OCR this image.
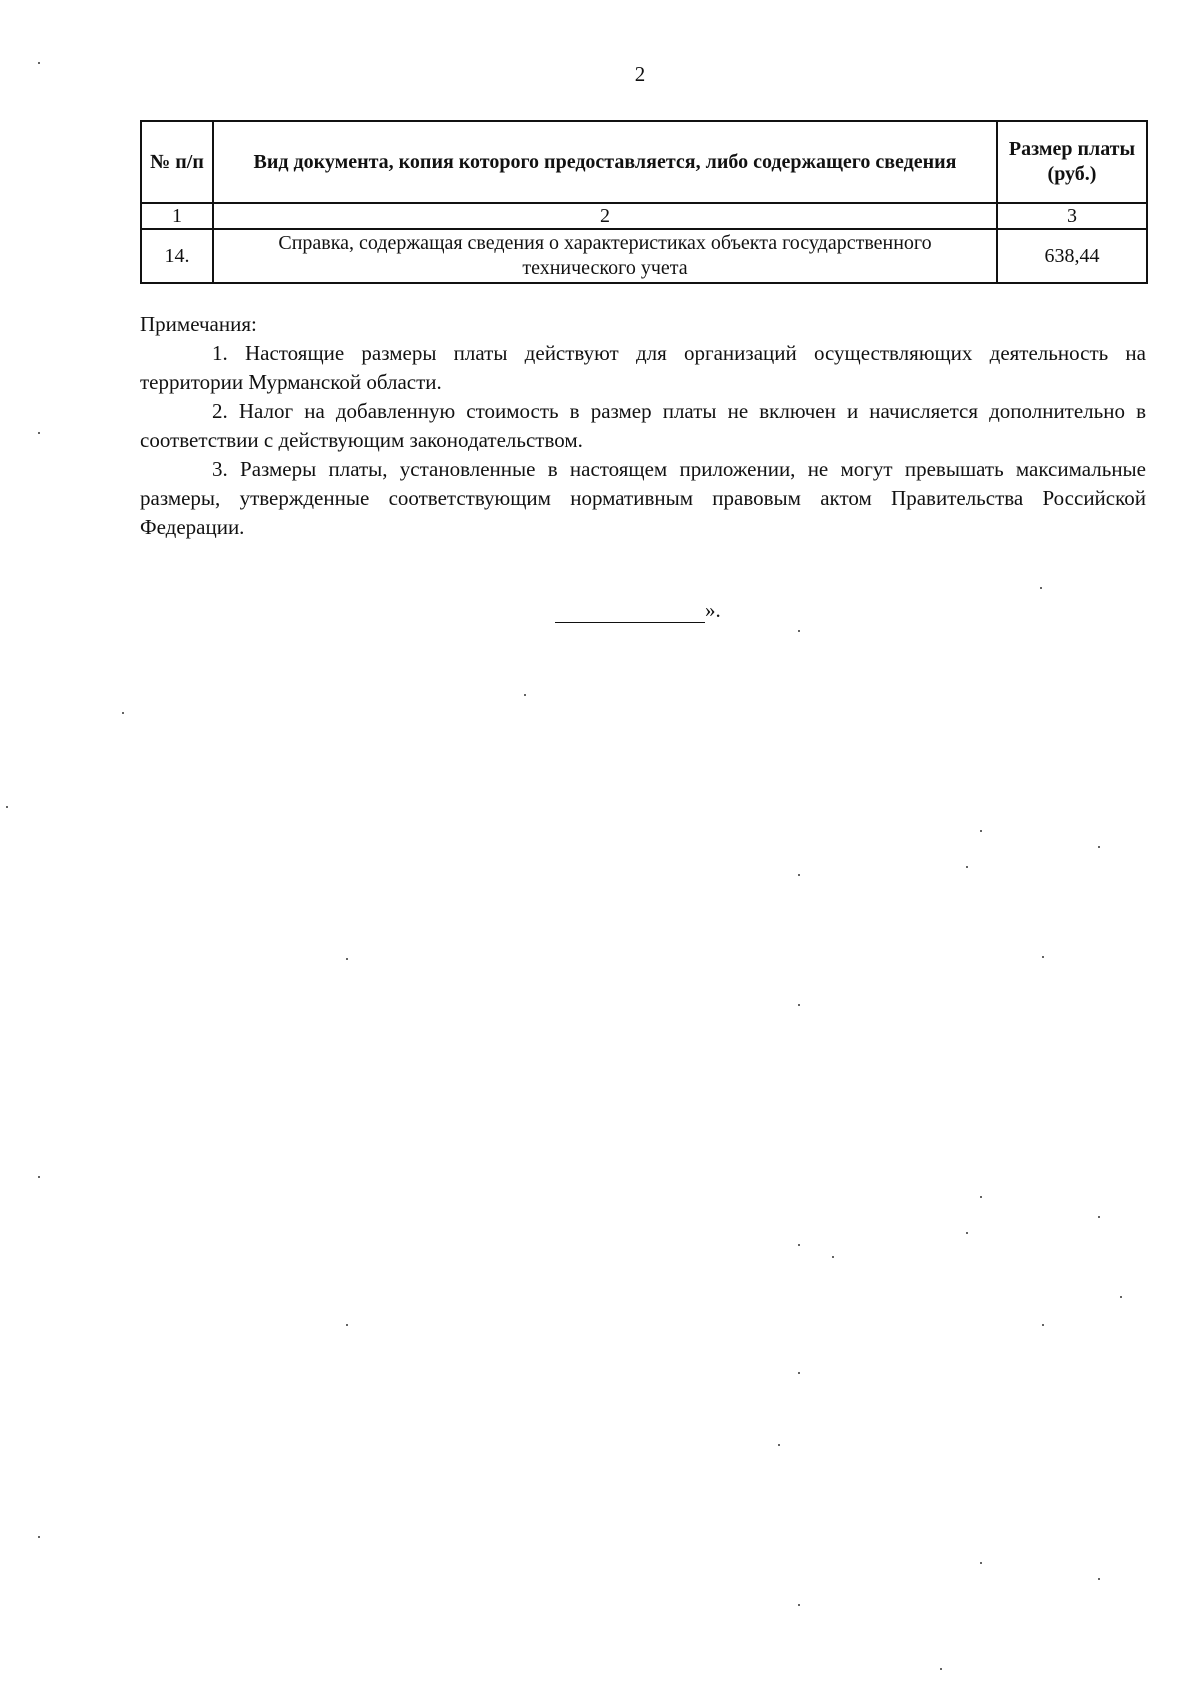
2
№ п/п	Вид документа, копия которого предоставляется, либо содержащего сведения	Размер платы (руб.)
1	2	3
14.	Справка, содержащая сведения о характеристиках объекта государственного технического учета	638,44

Примечания:

1. Настоящие размеры платы действуют для организаций осуществляющих деятельность на территории Мурманской области.

2. Налог на добавленную стоимость в размер платы не включен и начисляется дополнительно в соответствии с действующим законодательством.

3. Размеры платы, установленные в настоящем приложении, не могут превышать максимальные размеры, утвержденные соответствующим нормативным правовым актом Правительства Российской Федерации.

».
